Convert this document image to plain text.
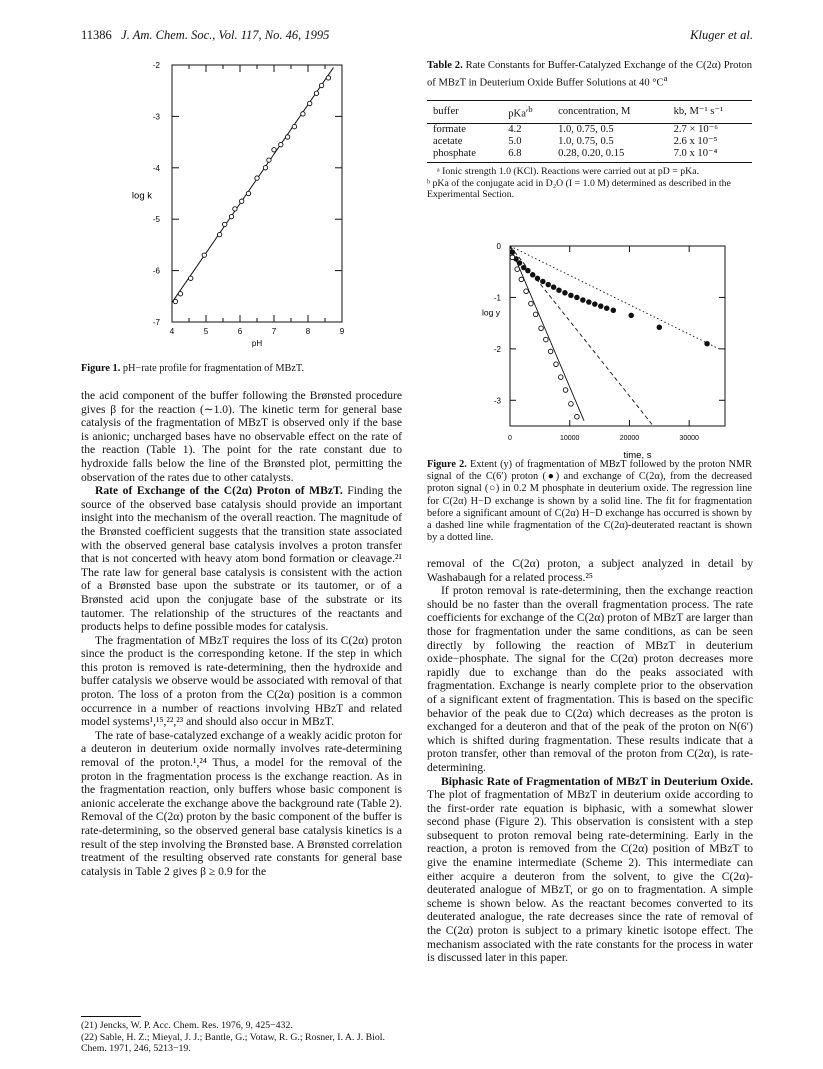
11386 J. Am. Chem. Soc., Vol. 117, No. 46, 1995	Kluger et al.
4	5	6	7	8	9
-2
-3
-4
-5
-6
-7
pH
log k
Figure 1. pH−rate profile for fragmentation of MBzT.

the acid component of the buffer following the Brønsted procedure gives β for the reaction (∼1.0). The kinetic term for general base catalysis of the fragmentation of MBzT is observed only if the base is anionic; uncharged bases have no observable effect on the rate of the reaction (Table 1). The point for the rate constant due to hydroxide falls below the line of the Brønsted plot, permitting the observation of the rates due to other catalysts.

Rate of Exchange of the C(2α) Proton of MBzT. Finding the source of the observed base catalysis should provide an important insight into the mechanism of the overall reaction. The magnitude of the Brønsted coefficient suggests that the transition state associated with the observed general base catalysis involves a proton transfer that is not concerted with heavy atom bond formation or cleavage.²¹ The rate law for general base catalysis is consistent with the action of a Brønsted base upon the substrate or its tautomer, or of a Brønsted acid upon the conjugate base of the substrate or its tautomer. The relationship of the structures of the reactants and products helps to define possible modes for catalysis.

The fragmentation of MBzT requires the loss of its C(2α) proton since the product is the corresponding ketone. If the step in which this proton is removed is rate-determining, then the hydroxide and buffer catalysis we observe would be associated with removal of that proton. The loss of a proton from the C(2α) position is a common occurrence in a number of reactions involving HBzT and related model systems¹,¹⁵,²²,²³ and should also occur in MBzT.

The rate of base-catalyzed exchange of a weakly acidic proton for a deuteron in deuterium oxide normally involves rate-determining removal of the proton.¹,²⁴ Thus, a model for the removal of the proton in the fragmentation process is the exchange reaction. As in the fragmentation reaction, only buffers whose basic component is anionic accelerate the exchange above the background rate (Table 2). Removal of the C(2α) proton by the basic component of the buffer is rate-determining, so the observed general base catalysis kinetics is a result of the step involving the Brønsted base. A Brønsted correlation treatment of the resulting observed rate constants for general base catalysis in Table 2 gives β ≥ 0.9 for the

(21) Jencks, W. P. Acc. Chem. Res. 1976, 9, 425−432.
(22) Sable, H. Z.; Mieyal, J. J.; Bantle, G.; Votaw, R. G.; Rosner, I. A. J. Biol. Chem. 1971, 246, 5213−19.
Table 2. Rate Constants for Buffer-Catalyzed Exchange of the C(2α) Proton of MBzT in Deuterium Oxide Buffer Solutions at 40 $^\circ C^a$
buffer	$pKa'^b$	concentration, M	kb, M⁻¹ s⁻¹
formate	4.2	1.0, 0.75, 0.5	2.7 × 10⁻⁶
acetate	5.0	1.0, 0.75, 0.5	2.6 x 10⁻⁵
phosphate	6.8	0.28, 0.20, 0.15	7.0 x 10⁻⁴
ᵃ Ionic strength 1.0 (KCl). Reactions were carried out at pD = pKa.
ᵇ pKa of the conjugate acid in D₂O (I = 1.0 M) determined as described in the Experimental Section.
0	10000	20000	30000
0
-1
-2
-3
time, s
log y
Figure 2. Extent (y) of fragmentation of MBzT followed by the proton NMR signal of the C(6′) proton (●) and exchange of C(2α), from the decreased proton signal (○) in 0.2 M phosphate in deuterium oxide. The regression line for C(2α) H−D exchange is shown by a solid line. The fit for fragmentation before a significant amount of C(2α) H−D exchange has occurred is shown by a dashed line while fragmentation of the C(2α)-deuterated reactant is shown by a dotted line.

removal of the C(2α) proton, a subject analyzed in detail by Washabaugh for a related process.²⁵

If proton removal is rate-determining, then the exchange reaction should be no faster than the overall fragmentation process. The rate coefficients for exchange of the C(2α) proton of MBzT are larger than those for fragmentation under the same conditions, as can be seen directly by following the reaction of MBzT in deuterium oxide−phosphate. The signal for the C(2α) proton decreases more rapidly due to exchange than do the peaks associated with fragmentation. Exchange is nearly complete prior to the observation of a significant extent of fragmentation. This is based on the specific behavior of the peak due to C(2α) which decreases as the proton is exchanged for a deuteron and that of the peak of the proton on N(6′) which is shifted during fragmentation. These results indicate that a proton transfer, other than removal of the proton from C(2α), is rate-determining.

Biphasic Rate of Fragmentation of MBzT in Deuterium Oxide. The plot of fragmentation of MBzT in deuterium oxide according to the first-order rate equation is biphasic, with a somewhat slower second phase (Figure 2). This observation is consistent with a step subsequent to proton removal being rate-determining. Early in the reaction, a proton is removed from the C(2α) position of MBzT to give the enamine intermediate (Scheme 2). This intermediate can either acquire a deuteron from the solvent, to give the C(2α)-deuterated analogue of MBzT, or go on to fragmentation. A simple scheme is shown below. As the reactant becomes converted to its deuterated analogue, the rate decreases since the rate of removal of the C(2α) proton is subject to a primary kinetic isotope effect. The mechanism associated with the rate constants for the process in water is discussed later in this paper.
